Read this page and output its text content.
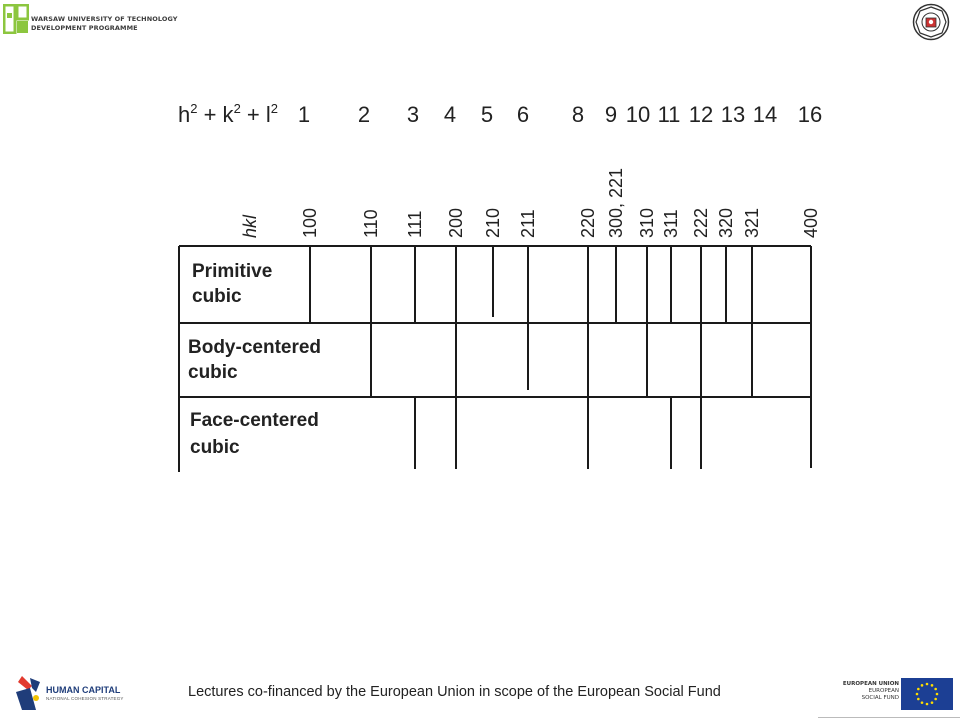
WARSAW UNIVERSITY OF TECHNOLOGY
DEVELOPMENT PROGRAMME
$h^2 + k^2 + l^2$ 1 2 3 4 5 6 8 9 10 11 12 13 14 16
hkl 100 110 111 200 210 211 220 300, 221 310 311 222 320 321 400
Primitive
cubic
Body-centered
cubic
Face-centered
cubic
HUMAN CAPITAL
NATIONAL COHESION STRATEGY	Lectures co-financed by the European Union in scope of the European Social Fund	EUROPEAN UNION
EUROPEAN
SOCIAL FUND
